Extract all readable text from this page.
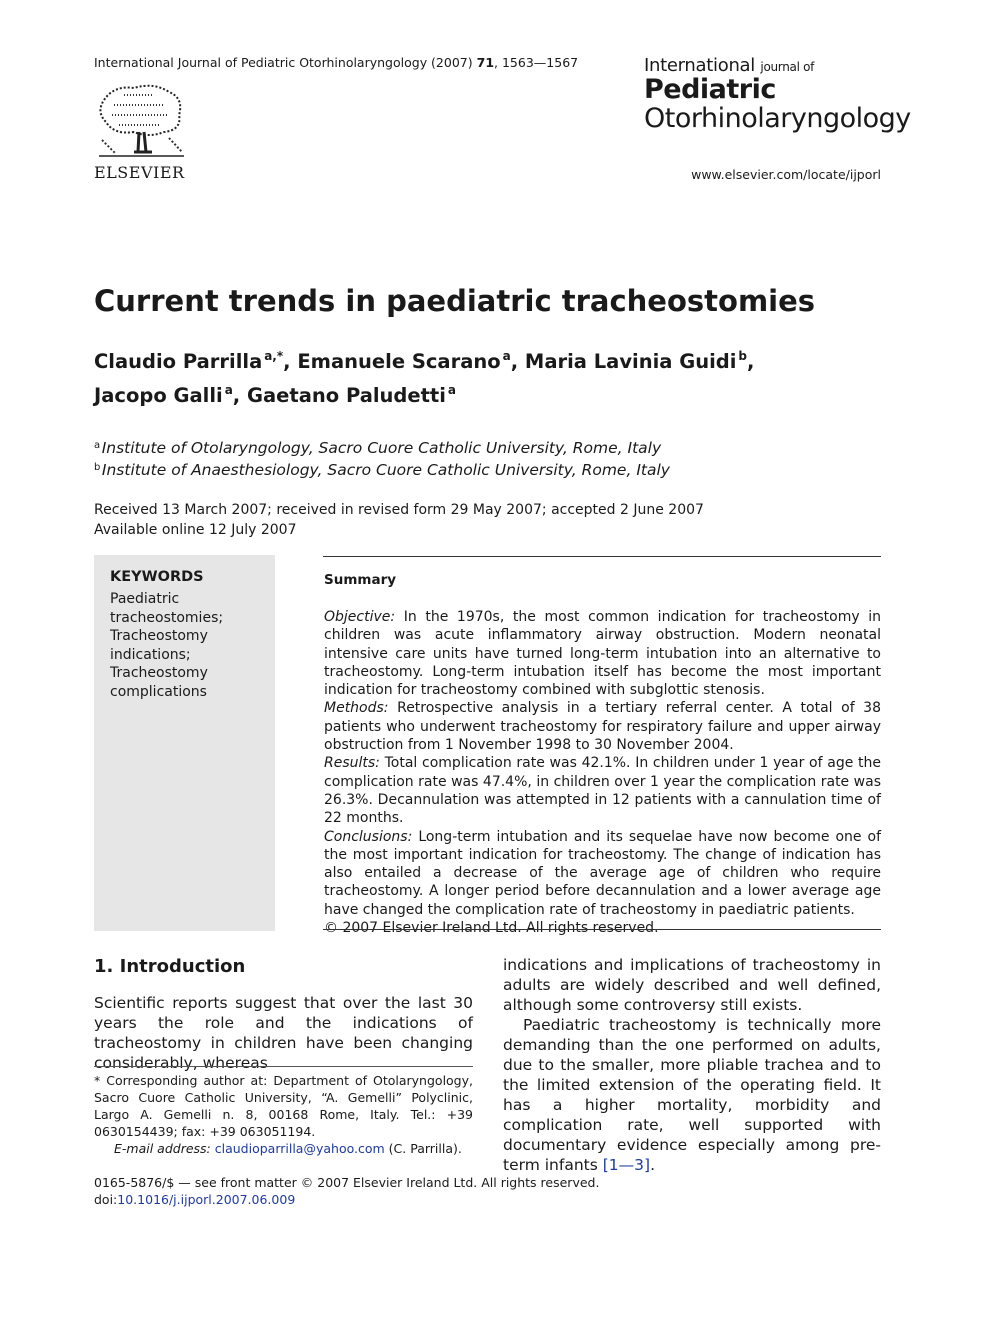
International Journal of Pediatric Otorhinolaryngology (2007) 71, 1563—1567
ELSEVIER
International journal of
Pediatric
Otorhinolaryngology
www.elsevier.com/locate/ijporl
Current trends in paediatric tracheostomies
Claudio Parrilla  $^{a,*}$, Emanuele Scarano  $^a$, Maria Lavinia Guidi  $^b$,
Jacopo Galli  $^a$, Gaetano Paludetti  $^a$
$^a$ Institute of Otolaryngology, Sacro Cuore Catholic University, Rome, Italy
$^b$ Institute of Anaesthesiology, Sacro Cuore Catholic University, Rome, Italy
Received 13 March 2007; received in revised form 29 May 2007; accepted 2 June 2007
Available online 12 July 2007
KEYWORDS
Paediatric tracheostomies;
Tracheostomy indications;
Tracheostomy complications
Summary

Objective: In the 1970s, the most common indication for tracheostomy in children was acute inflammatory airway obstruction. Modern neonatal intensive care units have turned long-term intubation into an alternative to tracheostomy. Long-term intubation itself has become the most important indication for tracheostomy combined with subglottic stenosis.

Methods: Retrospective analysis in a tertiary referral center. A total of 38 patients who underwent tracheostomy for respiratory failure and upper airway obstruction from 1 November 1998 to 30 November 2004.

Results: Total complication rate was 42.1%. In children under 1 year of age the complication rate was 47.4%, in children over 1 year the complication rate was 26.3%. Decannulation was attempted in 12 patients with a cannulation time of 22 months.

Conclusions: Long-term intubation and its sequelae have now become one of the most important indication for tracheostomy. The change of indication has also entailed a decrease of the average age of children who require tracheostomy. A longer period before decannulation and a lower average age have changed the complication rate of tracheostomy in paediatric patients.

© 2007 Elsevier Ireland Ltd. All rights reserved.

1. Introduction

Scientific reports suggest that over the last 30 years the role and the indications of tracheostomy in children have been changing considerably, whereas

* Corresponding author at: Department of Otolaryngology, Sacro Cuore Catholic University, “A. Gemelli” Polyclinic, Largo A. Gemelli n. 8, 00168 Rome, Italy. Tel.: +39 0630154439; fax: +39 063051194.
E-mail address: claudioparrilla@yahoo.com (C. Parrilla).

indications and implications of tracheostomy in adults are widely described and well defined, although some controversy still exists.

Paediatric tracheostomy is technically more demanding than the one performed on adults, due to the smaller, more pliable trachea and to the limited extension of the operating field. It has a higher mortality, morbidity and complication rate, well supported with documentary evidence especially among pre-term infants [1—3].

0165-5876/$ — see front matter © 2007 Elsevier Ireland Ltd. All rights reserved.
doi:10.1016/j.ijporl.2007.06.009
